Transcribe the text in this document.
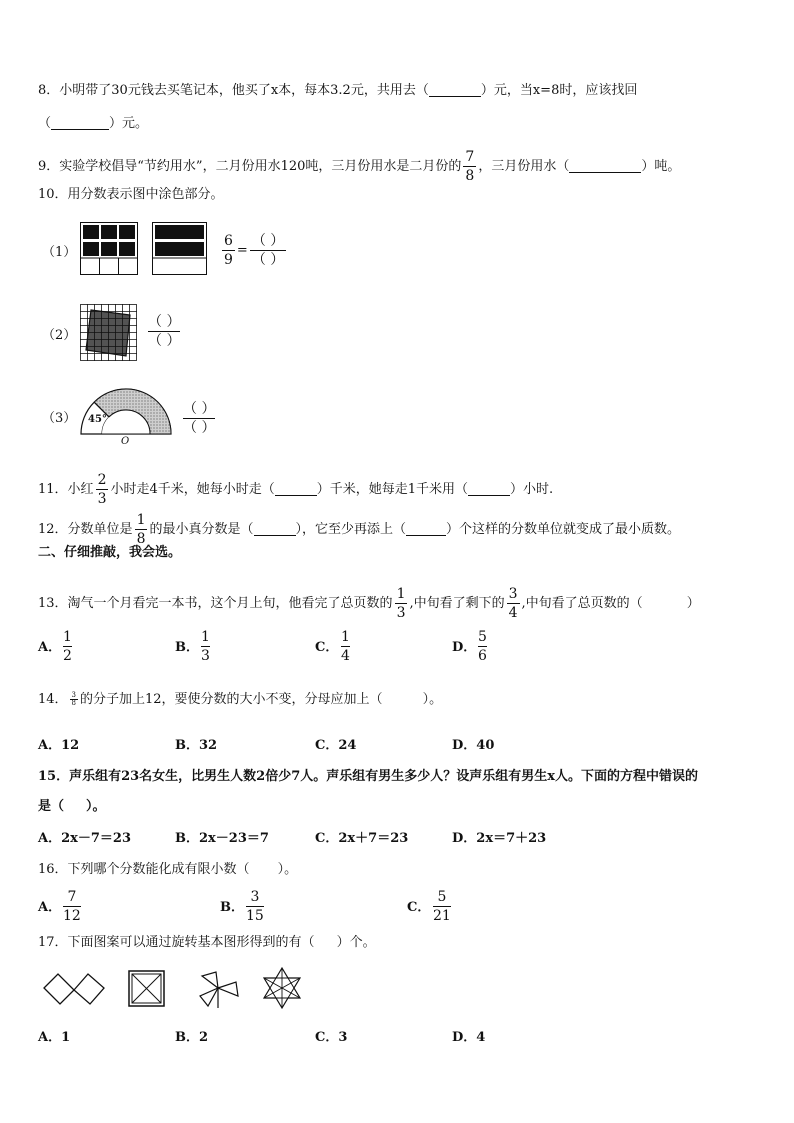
8．小明带了30元钱去买笔记本，他买了x本，每本3.2元，共用去（	）元，当x=8时，应该找回
（	）元。
9．实验学校倡导“节约用水”，二月份用水120吨，三月份用水是二月份的 $\frac{7}{8}$ ，三月份用水（	）吨。
10．用分数表示图中涂色部分。
（1）	$\frac{6}{9} = \frac{( )}{( )}$
（2）
（ ）
（ ）
（3） 45°
O
（ ）
（ ）
11．小红 $\frac{2}{3}$ 小时走4千米，她每小时走（	）千米，她每走1千米用（	）小时.
12．分数单位是 $\frac{1}{8}$ 的最小真分数是（	），它至少再添上（	）个这样的分数单位就变成了最小质数。
二、仔细推敲，我会选。
13．淘气一个月看完一本书，这个月上旬，他看完了总页数的 $\frac{1}{3}$ ,中旬看了剩下的 $\frac{3}{4}$ ,中旬看了总页数的（	）
A． $\frac{1}{2}$	B． $\frac{1}{3}$	C． $\frac{1}{4}$	D． $\frac{5}{6}$
14． $\frac{3}{8}$ 的分子加上12，要使分数的大小不变，分母应加上（	）。
A．12	B．32	C．24	D．40
15．声乐组有23名女生，比男生人数2倍少7人。声乐组有男生多少人？设声乐组有男生x人。下面的方程中错误的
是（ ）。
A．2x－7＝23	B．2x－23＝7	C．2x＋7＝23	D．2x＝7＋23
16．下列哪个分数能化成有限小数（ ）。
A． $\frac{7}{12}$	B． $\frac{3}{15}$	C． $\frac{5}{21}$
17．下面图案可以通过旋转基本图形得到的有（ ）个。
A．1	B．2	C．3	D．4
